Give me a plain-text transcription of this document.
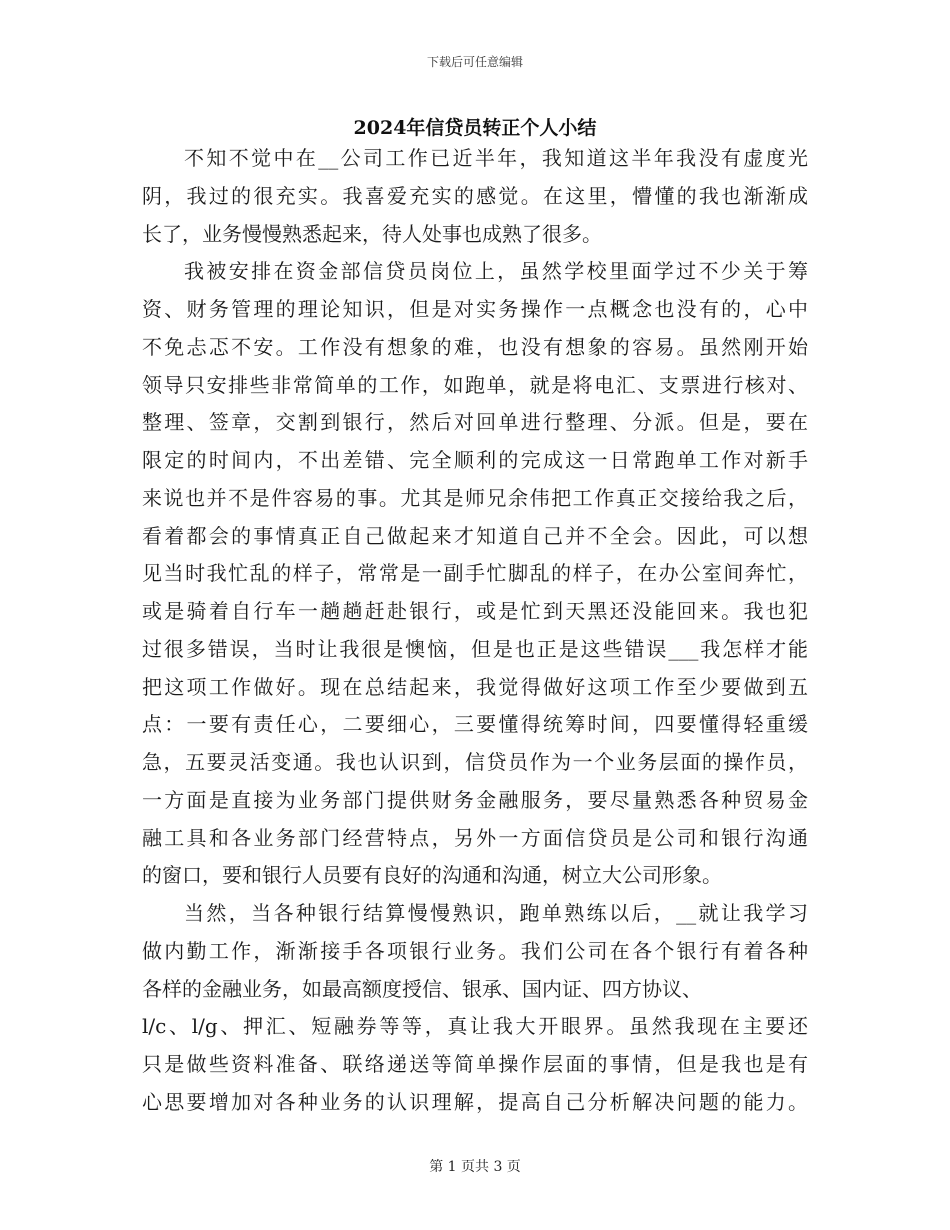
下载后可任意编辑
2024年信贷员转正个人小结
不知不觉中在__公司工作已近半年，我知道这半年我没有虚度光
阴，我过的很充实。我喜爱充实的感觉。在这里，懵懂的我也渐渐成
长了，业务慢慢熟悉起来，待人处事也成熟了很多。
我被安排在资金部信贷员岗位上，虽然学校里面学过不少关于筹
资、财务管理的理论知识，但是对实务操作一点概念也没有的，心中
不免忐忑不安。工作没有想象的难，也没有想象的容易。虽然刚开始
领导只安排些非常简单的工作，如跑单，就是将电汇、支票进行核对、
整理、签章，交割到银行，然后对回单进行整理、分派。但是，要在
限定的时间内，不出差错、完全顺利的完成这一日常跑单工作对新手
来说也并不是件容易的事。尤其是师兄余伟把工作真正交接给我之后，
看着都会的事情真正自己做起来才知道自己并不全会。因此，可以想
见当时我忙乱的样子，常常是一副手忙脚乱的样子，在办公室间奔忙，
或是骑着自行车一趟趟赶赴银行，或是忙到天黑还没能回来。我也犯
过很多错误，当时让我很是懊恼，但是也正是这些错误___我怎样才能
把这项工作做好。现在总结起来，我觉得做好这项工作至少要做到五
点：一要有责任心，二要细心，三要懂得统筹时间，四要懂得轻重缓
急，五要灵活变通。我也认识到，信贷员作为一个业务层面的操作员，
一方面是直接为业务部门提供财务金融服务，要尽量熟悉各种贸易金
融工具和各业务部门经营特点，另外一方面信贷员是公司和银行沟通
的窗口，要和银行人员要有良好的沟通和沟通，树立大公司形象。
当然，当各种银行结算慢慢熟识，跑单熟练以后，__就让我学习
做内勤工作，渐渐接手各项银行业务。我们公司在各个银行有着各种
各样的金融业务，如最高额度授信、银承、国内证、四方协议、
l/c、l/g、押汇、短融券等等，真让我大开眼界。虽然我现在主要还
只是做些资料准备、联络递送等简单操作层面的事情，但是我也是有
心思要增加对各种业务的认识理解，提高自己分析解决问题的能力。
第 1 页共 3 页
